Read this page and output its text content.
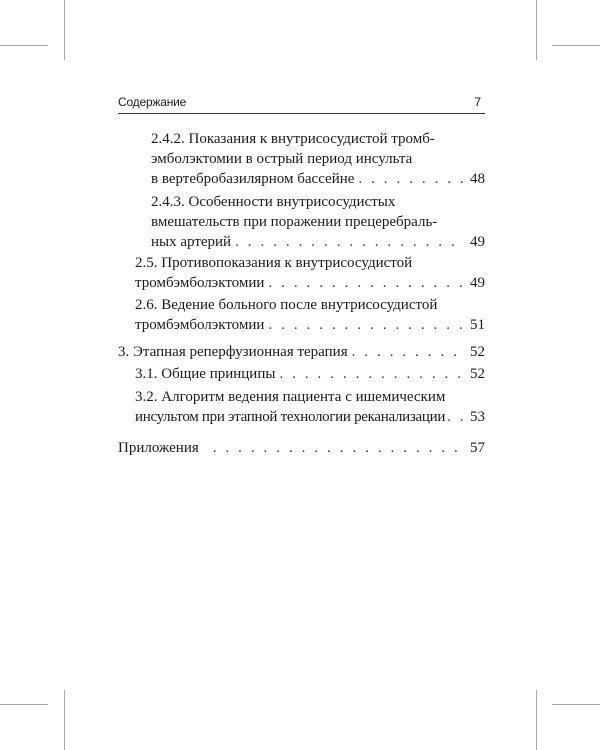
Содержание	7
2.4.2. Показания к внутрисосудистой тромб-
эмболэктомии в острый период инсульта
в вертебробазилярном бассейне . . .	48
2.4.3. Особенности внутрисосудистых
вмешательств при поражении прецеребраль-
ных артерий . . .	49
2.5. Противопоказания к внутрисосудистой
тромбэмболэктомии . . .	49
2.6. Ведение больного после внутрисосудистой
тромбэмболэктомии . . .	51
3. Этапная реперфузионная терапия . . .	52
3.1. Общие принципы . . .	52
3.2. Алгоритм ведения пациента с ишемическим
инсультом при этапной технологии реканализации . . . 53
Приложения . . .	57
